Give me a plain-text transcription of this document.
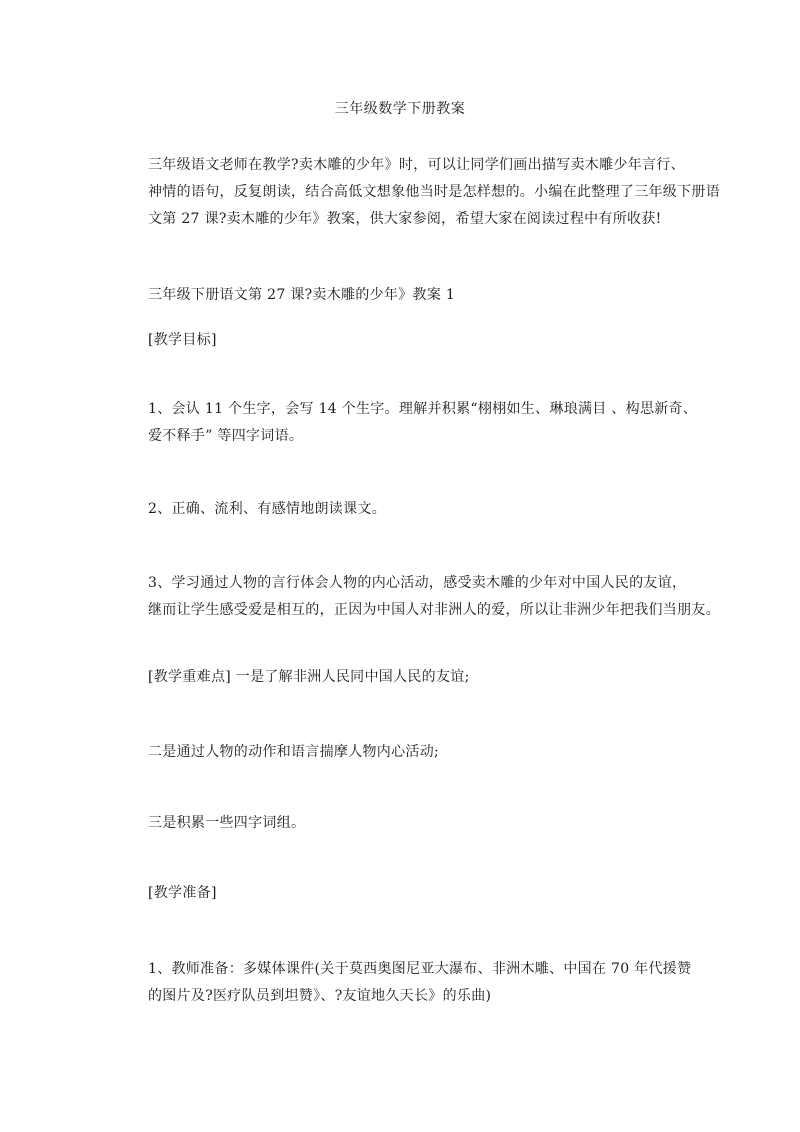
三年级数学下册教案
三年级语文老师在教学?卖木雕的少年》时，可以让同学们画出描写卖木雕少年言行、
神情的语句，反复朗读，结合高低文想象他当时是怎样想的。小编在此整理了三年级下册语
文第 27 课?卖木雕的少年》教案，供大家参阅，希望大家在阅读过程中有所收获!
三年级下册语文第 27 课?卖木雕的少年》教案 1
[教学目标]
1、会认 11 个生字，会写 14 个生字。理解并积累“栩栩如生、琳琅满目 、构思新奇、
爱不释手” 等四字词语。
2、正确、流利、有感情地朗读课文。
3、学习通过人物的言行体会人物的内心活动，感受卖木雕的少年对中国人民的友谊，
继而让学生感受爱是相互的，正因为中国人对非洲人的爱，所以让非洲少年把我们当朋友。
[教学重难点] 一是了解非洲人民同中国人民的友谊;
二是通过人物的动作和语言揣摩人物内心活动;
三是积累一些四字词组。
[教学准备]
1、教师准备：多媒体课件(关于莫西奥图尼亚大瀑布、非洲木雕、中国在 70 年代援赞
的图片及?医疗队员到坦赞》、?友谊地久天长》的乐曲)
